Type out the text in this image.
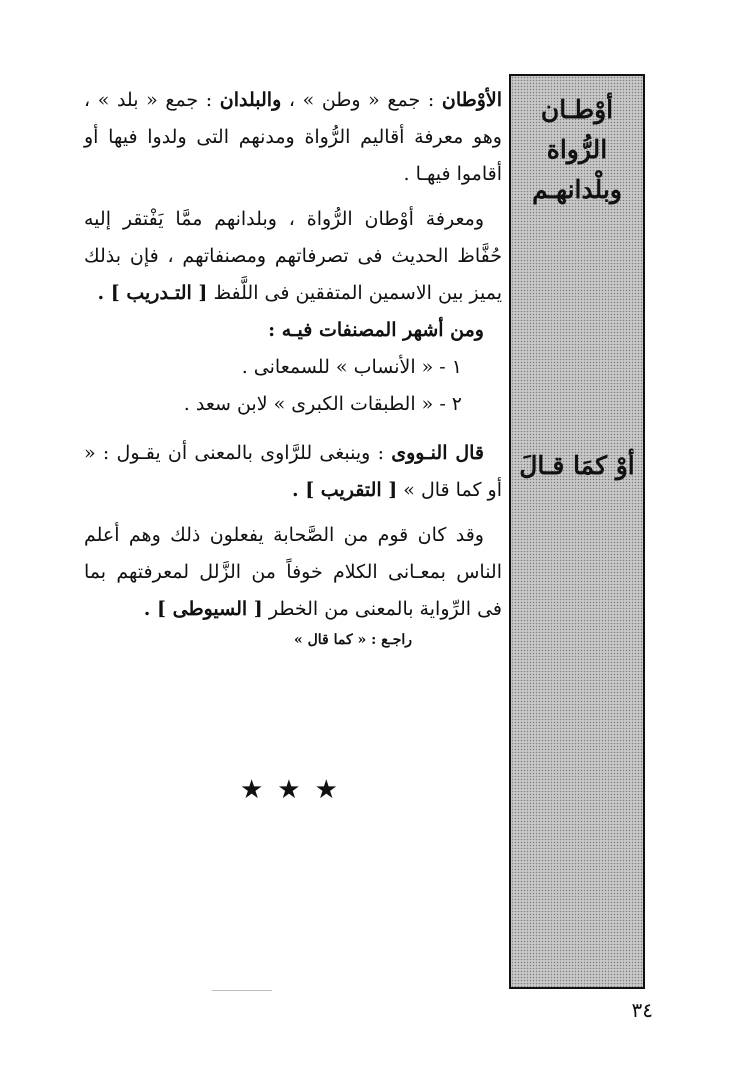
أوْطـان الرُّواة
وبلْدانهـم
أوْ كمَا قـالَ

الأوْطان : جمع « وطن » ، والبلدان : جمع « بلد » ، وهو معرفة أقاليم الرُّواة ومدنهم التى ولدوا فيها أو أقاموا فيهـا .

ومعرفة أوْطان الرُّواة ، وبلدانهم ممَّا يَفْتقر إليه حُفَّاظ الحديث فى تصرفاتهم ومصنفاتهم ، فإن بذلك يميز بين الاسمين المتفقين فى اللَّفظ [ التـدريب ] .

ومن أشهر المصنفات فيـه :
١ - « الأنساب » للسمعانى .
٢ - « الطبقات الكبرى » لابن سعد .

قال النـووى : وينبغى للرَّاوى بالمعنى أن يقـول : « أو كما قال » [ التقريب ] .

وقد كان قوم من الصَّحابة يفعلون ذلك وهم أعلم الناس بمعـانى الكلام خوفاً من الزَّلل لمعرفتهم بما فى الرِّواية بالمعنى من الخطر [ السيوطى ] .

راجـع : « كما قال »
★★★
٣٤
